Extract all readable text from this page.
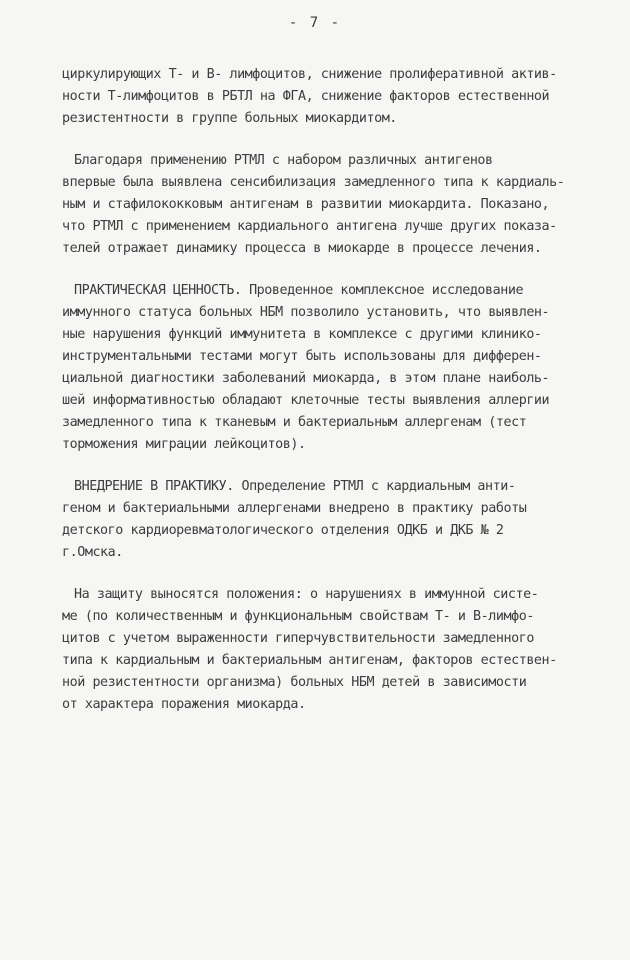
- 7 -
циркулирующих Т- и В- лимфоцитов, снижение пролиферативной актив-
ности Т-лимфоцитов в РБТЛ на ФГА, снижение факторов естественной
резистентности в группе больных миокардитом.
Благодаря применению РТМЛ с набором различных антигенов
впервые была выявлена сенсибилизация замедленного типа к кардиаль-
ным и стафилококковым антигенам в развитии миокардита. Показано,
что РТМЛ с применением кардиального антигена лучше других показа-
телей отражает динамику процесса в миокарде в процессе лечения.
ПРАКТИЧЕСКАЯ ЦЕННОСТЬ. Проведенное комплексное исследование
иммунного статуса больных НБМ позволило установить, что выявлен-
ные нарушения функций иммунитета в комплексе с другими клинико-
инструментальными тестами могут быть использованы для дифферен-
циальной диагностики заболеваний миокарда, в этом плане наиболь-
шей информативностью обладают клеточные тесты выявления аллергии
замедленного типа к тканевым и бактериальным аллергенам (тест
торможения миграции лейкоцитов).
ВНЕДРЕНИЕ В ПРАКТИКУ. Определение РТМЛ с кардиальным анти-
геном и бактериальными аллергенами внедрено в практику работы
детского кардиоревматологического отделения ОДКБ и ДКБ № 2
г.Омска.
На защиту выносятся положения: о нарушениях в иммунной систе-
ме (по количественным и функциональным свойствам Т- и В-лимфо-
цитов с учетом выраженности гиперчувствительности замедленного
типа к кардиальным и бактериальным антигенам, факторов естествен-
ной резистентности организма) больных НБМ детей в зависимости
от характера поражения миокарда.
